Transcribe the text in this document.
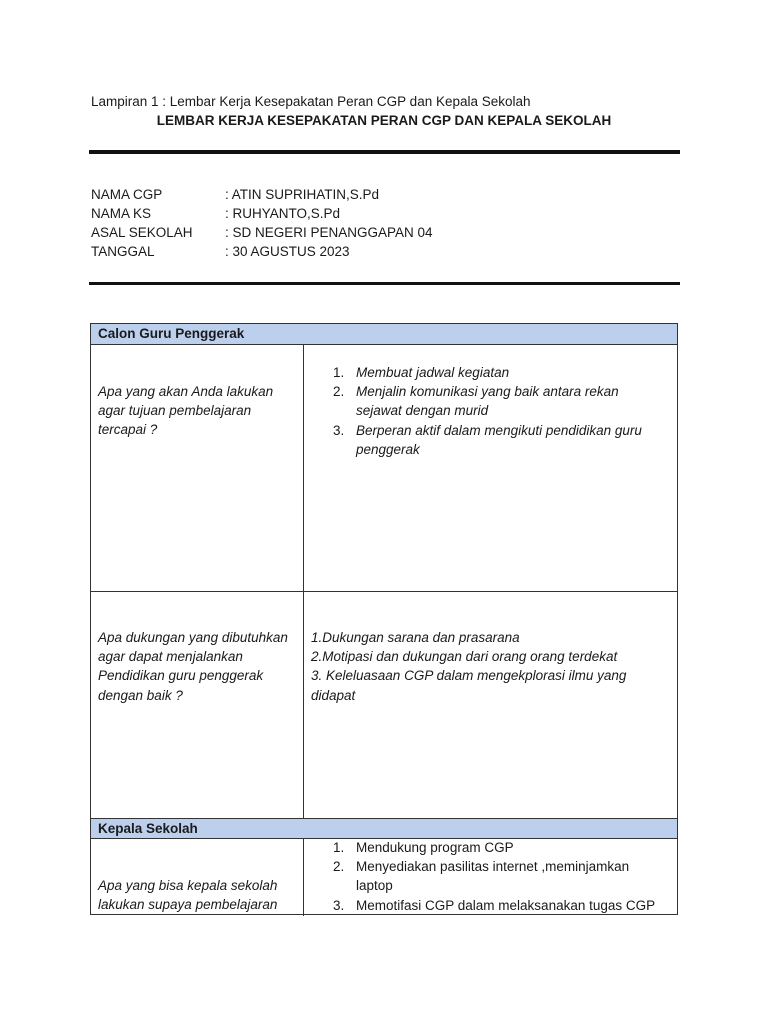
Lampiran 1 : Lembar Kerja Kesepakatan Peran CGP dan Kepala Sekolah
LEMBAR KERJA KESEPAKATAN PERAN CGP DAN KEPALA SEKOLAH
NAMA CGP	: ATIN SUPRIHATIN,S.Pd
NAMA KS	: RUHYANTO,S.Pd
ASAL SEKOLAH : SD NEGERI PENANGGAPAN 04
TANGGAL	: 30 AGUSTUS 2023
Calon Guru Penggerak
Apa yang akan Anda lakukan agar tujuan pembelajaran tercapai ?
1. Membuat jadwal kegiatan
2. Menjalin komunikasi yang baik antara rekan sejawat dengan murid
3. Berperan aktif dalam mengikuti pendidikan guru penggerak
Apa dukungan yang dibutuhkan agar dapat menjalankan Pendidikan guru penggerak dengan baik ?
1.Dukungan sarana dan prasarana
2.Motipasi dan dukungan dari orang orang terdekat
3. Keleluasaan CGP dalam mengekplorasi ilmu yang didapat
Kepala Sekolah
Apa yang bisa kepala sekolah lakukan supaya pembelajaran
1. Mendukung program CGP
2. Menyediakan pasilitas internet ,meminjamkan laptop
3. Memotifasi CGP dalam melaksanakan tugas CGP
